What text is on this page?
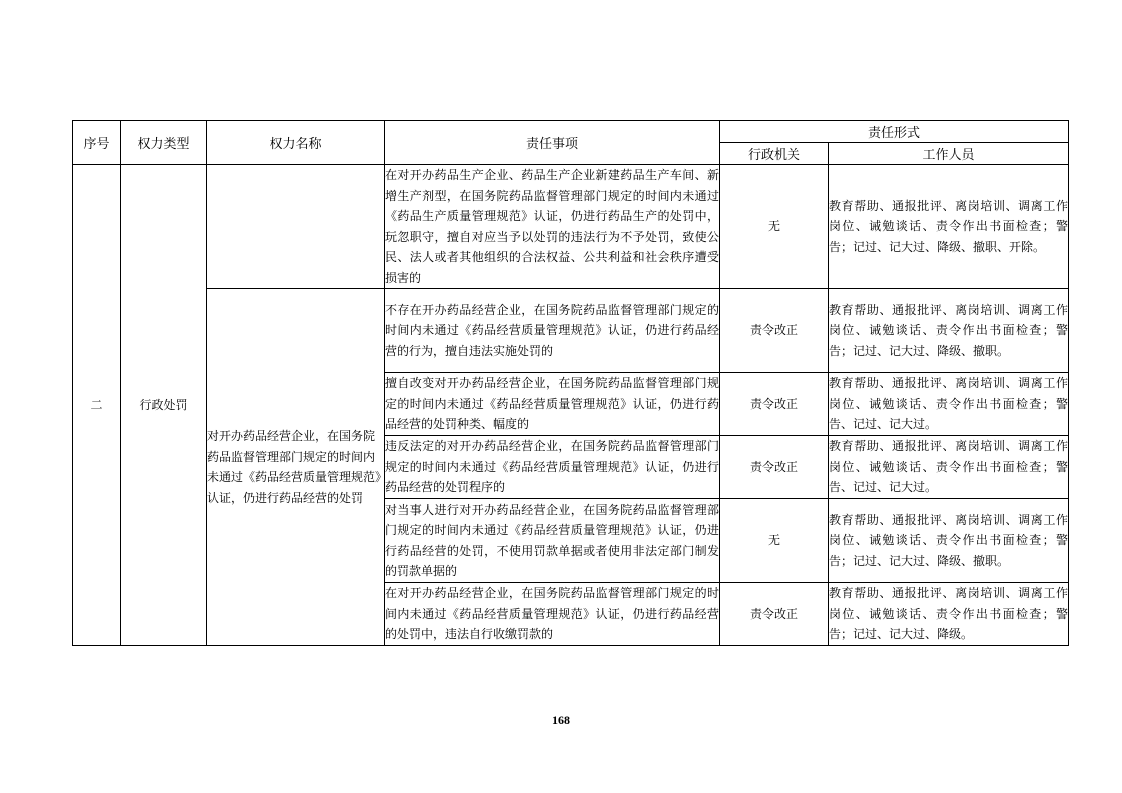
序号	权力类型	权力名称	责任事项	责任形式	
				行政机关	工作人员
二	行政处罚		在对开办药品生产企业、药品生产企业新建药品生产车间、新增生产剂型，在国务院药品监督管理部门规定的时间内未通过《药品生产质量管理规范》认证，仍进行药品生产的处罚中，玩忽职守，擅自对应当予以处罚的违法行为不予处罚，致使公民、法人或者其他组织的合法权益、公共利益和社会秩序遭受损害的	无	教育帮助、通报批评、离岗培训、调离工作岗位、诫勉谈话、责令作出书面检查；警告；记过、记大过、降级、撤职、开除。
		对开办药品经营企业，在国务院药品监督管理部门规定的时间内未通过《药品经营质量管理规范》认证，仍进行药品经营的处罚	不存在开办药品经营企业，在国务院药品监督管理部门规定的时间内未通过《药品经营质量管理规范》认证，仍进行药品经营的行为，擅自违法实施处罚的	责令改正	教育帮助、通报批评、离岗培训、调离工作岗位、诫勉谈话、责令作出书面检查；警告；记过、记大过、降级、撤职。
			擅自改变对开办药品经营企业，在国务院药品监督管理部门规定的时间内未通过《药品经营质量管理规范》认证，仍进行药品经营的处罚种类、幅度的	责令改正	教育帮助、通报批评、离岗培训、调离工作岗位、诫勉谈话、责令作出书面检查；警告、记过、记大过。
			违反法定的对开办药品经营企业，在国务院药品监督管理部门规定的时间内未通过《药品经营质量管理规范》认证，仍进行药品经营的处罚程序的	责令改正	教育帮助、通报批评、离岗培训、调离工作岗位、诫勉谈话、责令作出书面检查；警告、记过、记大过。
			对当事人进行对开办药品经营企业，在国务院药品监督管理部门规定的时间内未通过《药品经营质量管理规范》认证，仍进行药品经营的处罚，不使用罚款单据或者使用非法定部门制发的罚款单据的	无	教育帮助、通报批评、离岗培训、调离工作岗位、诫勉谈话、责令作出书面检查；警告；记过、记大过、降级、撤职。
			在对开办药品经营企业，在国务院药品监督管理部门规定的时间内未通过《药品经营质量管理规范》认证，仍进行药品经营的处罚中，违法自行收缴罚款的	责令改正	教育帮助、通报批评、离岗培训、调离工作岗位、诫勉谈话、责令作出书面检查；警告；记过、记大过、降级。
168
